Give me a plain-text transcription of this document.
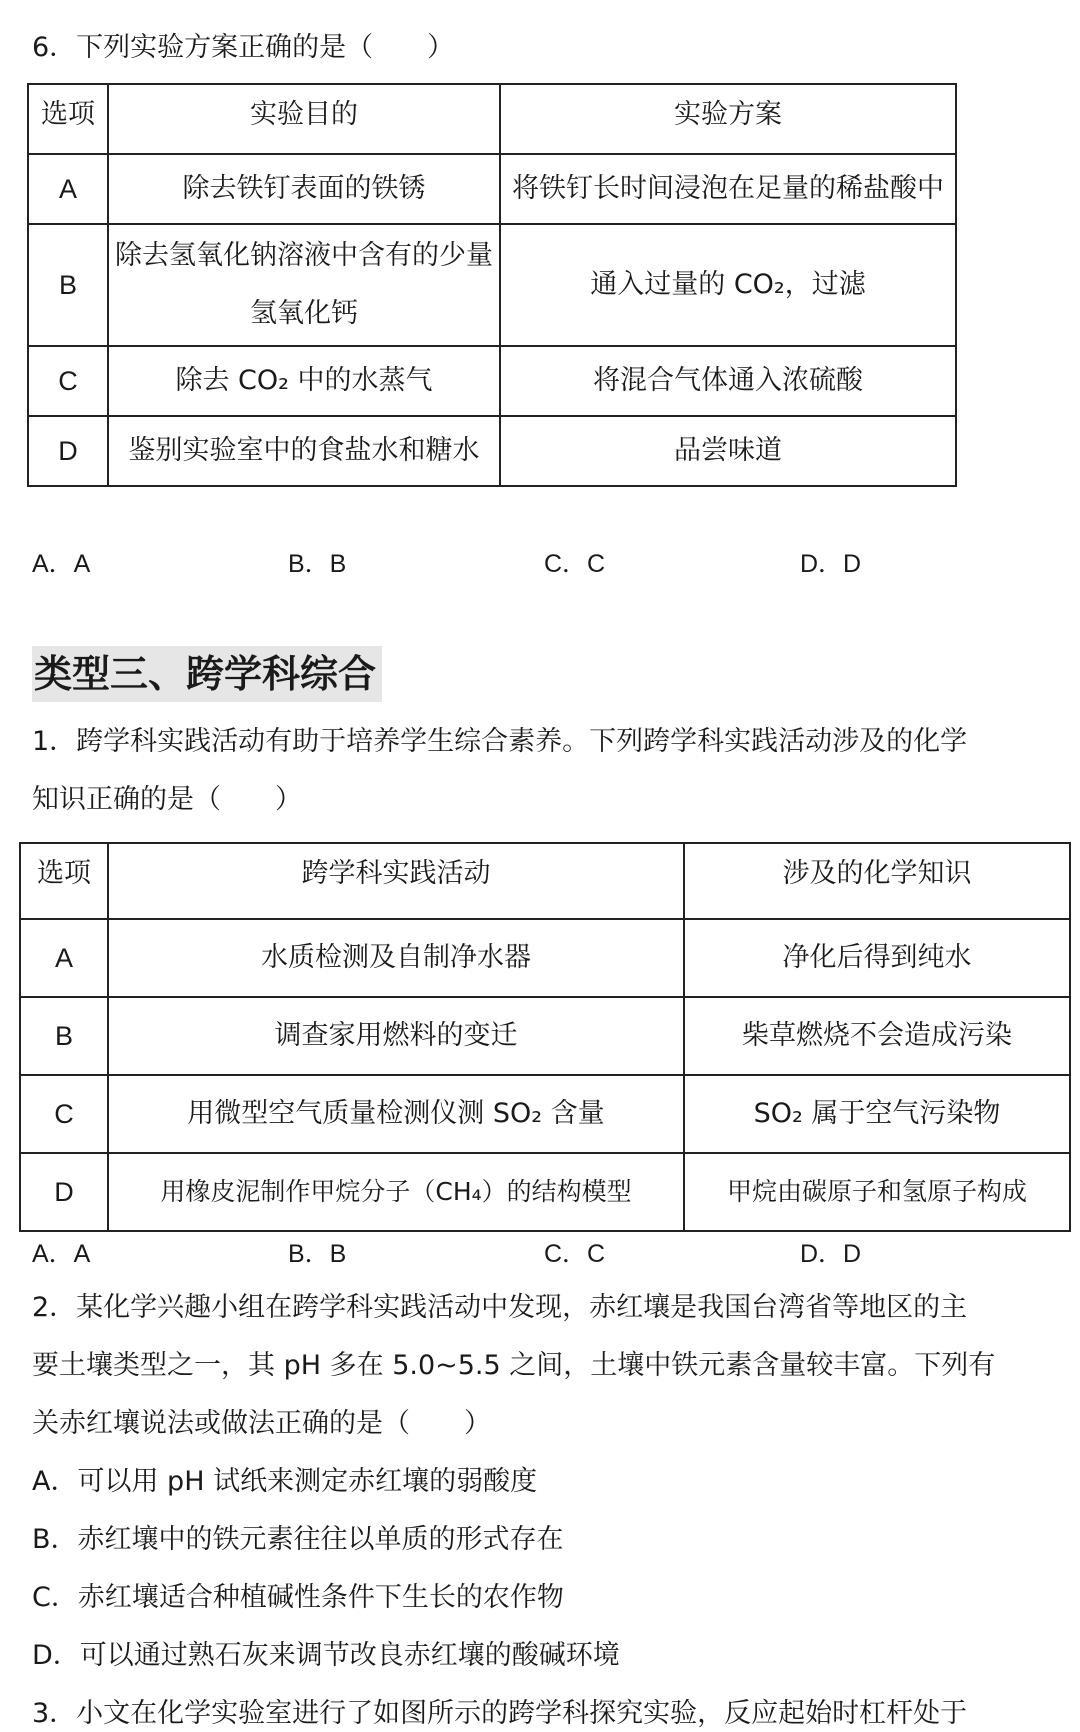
6．下列实验方案正确的是（　　）
选项	实验目的	实验方案
A	除去铁钉表面的铁锈	将铁钉长时间浸泡在足量的稀盐酸中
B	除去氢氧化钠溶液中含有的少量氢氧化钙	通入过量的 CO₂，过滤
C	除去 CO₂ 中的水蒸气	将混合气体通入浓硫酸
D	鉴别实验室中的食盐水和糖水	品尝味道
A．A	B．B	C．C	D．D
类型三、跨学科综合
1．跨学科实践活动有助于培养学生综合素养。下列跨学科实践活动涉及的化学
知识正确的是（　　）
选项	跨学科实践活动	涉及的化学知识
A	水质检测及自制净水器	净化后得到纯水
B	调查家用燃料的变迁	柴草燃烧不会造成污染
C	用微型空气质量检测仪测 SO₂ 含量	SO₂ 属于空气污染物
D	用橡皮泥制作甲烷分子（CH₄）的结构模型	甲烷由碳原子和氢原子构成
A．A	B．B	C．C	D．D
2．某化学兴趣小组在跨学科实践活动中发现，赤红壤是我国台湾省等地区的主
要土壤类型之一，其 pH 多在 5.0~5.5 之间，土壤中铁元素含量较丰富。下列有
关赤红壤说法或做法正确的是（　　）
A．可以用 pH 试纸来测定赤红壤的弱酸度
B．赤红壤中的铁元素往往以单质的形式存在
C．赤红壤适合种植碱性条件下生长的农作物
D．可以通过熟石灰来调节改良赤红壤的酸碱环境
3．小文在化学实验室进行了如图所示的跨学科探究实验，反应起始时杠杆处于
